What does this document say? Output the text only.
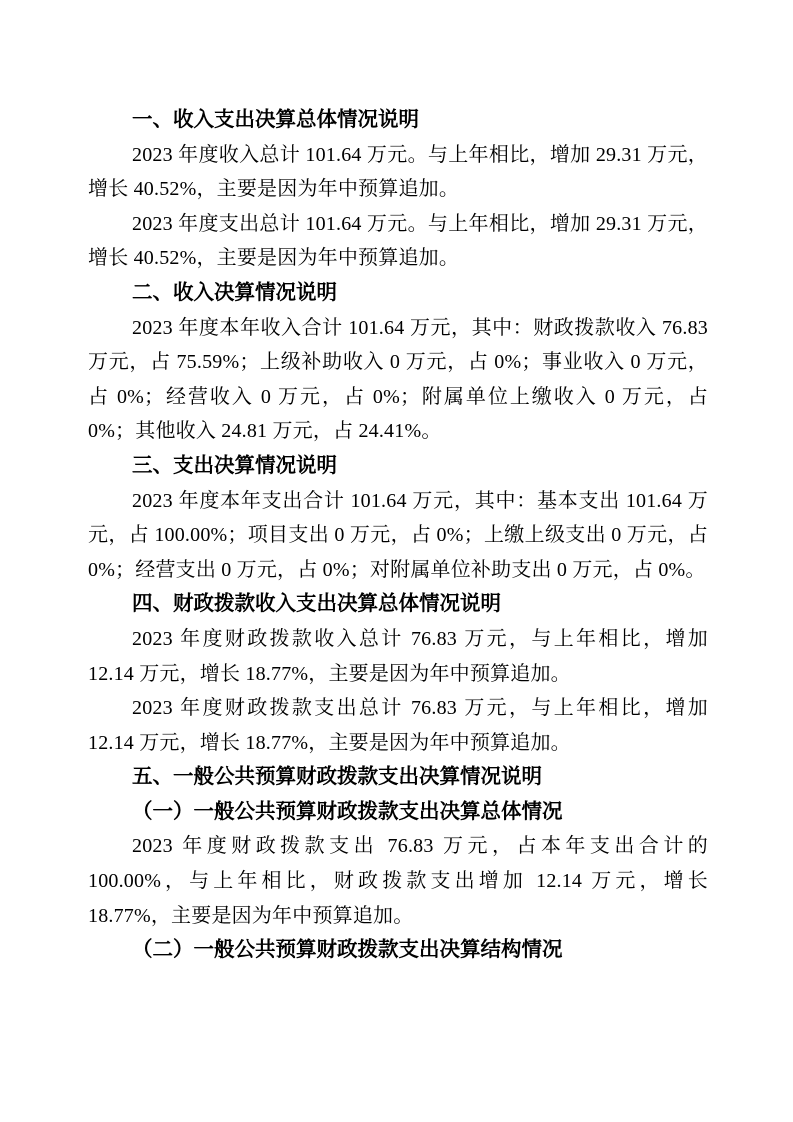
一、收入支出决算总体情况说明

2023 年度收入总计 101.64 万元。与上年相比，增加 29.31 万元，增长 40.52%，主要是因为年中预算追加。

2023 年度支出总计 101.64 万元。与上年相比，增加 29.31 万元，增长 40.52%，主要是因为年中预算追加。

二、收入决算情况说明

2023 年度本年收入合计 101.64 万元，其中：财政拨款收入 76.83 万元，占 75.59%；上级补助收入 0 万元，占 0%；事业收入 0 万元，占 0%；经营收入 0 万元，占 0%；附属单位上缴收入 0 万元，占 0%；其他收入 24.81 万元，占 24.41%。

三、支出决算情况说明

2023 年度本年支出合计 101.64 万元，其中：基本支出 101.64 万元，占 100.00%；项目支出 0 万元，占 0%；上缴上级支出 0 万元，占 0%；经营支出 0 万元，占 0%；对附属单位补助支出 0 万元，占 0%。

四、财政拨款收入支出决算总体情况说明

2023 年度财政拨款收入总计 76.83 万元，与上年相比，增加 12.14 万元，增长 18.77%，主要是因为年中预算追加。

2023 年度财政拨款支出总计 76.83 万元，与上年相比，增加 12.14 万元，增长 18.77%，主要是因为年中预算追加。

五、一般公共预算财政拨款支出决算情况说明
（一）一般公共预算财政拨款支出决算总体情况

2023 年度财政拨款支出 76.83 万元，占本年支出合计的 100.00%，与上年相比，财政拨款支出增加 12.14 万元，增长 18.77%，主要是因为年中预算追加。

（二）一般公共预算财政拨款支出决算结构情况
